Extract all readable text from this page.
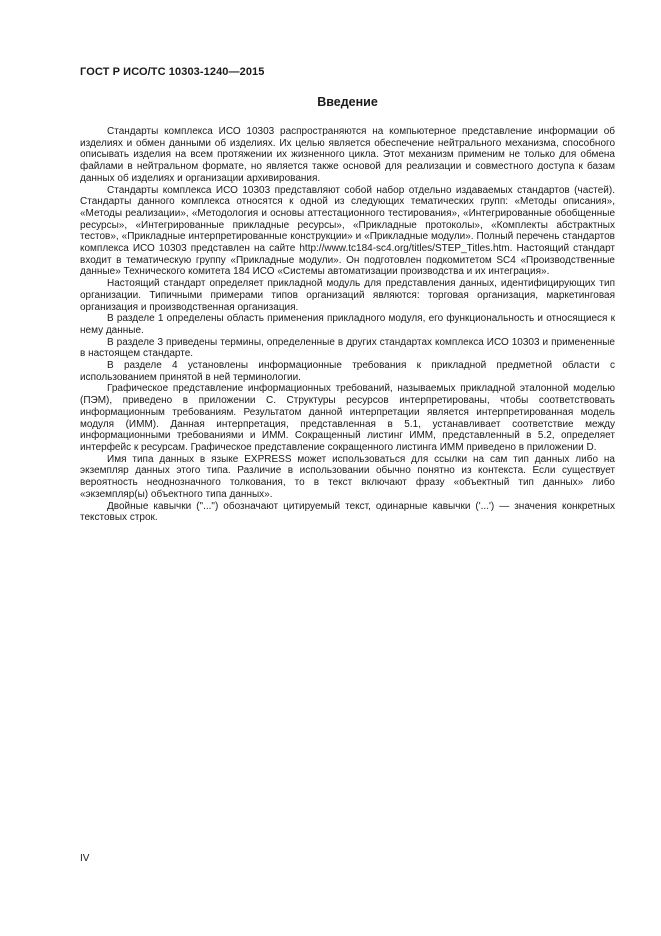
ГОСТ Р ИСО/ТС 10303-1240—2015
Введение

Стандарты комплекса ИСО 10303 распространяются на компьютерное представление информации об изделиях и обмен данными об изделиях. Их целью является обеспечение нейтрального механизма, способного описывать изделия на всем протяжении их жизненного цикла. Этот механизм применим не только для обмена файлами в нейтральном формате, но является также основой для реализации и совместного доступа к базам данных об изделиях и организации архивирования.

Стандарты комплекса ИСО 10303 представляют собой набор отдельно издаваемых стандартов (частей). Стандарты данного комплекса относятся к одной из следующих тематических групп: «Методы описания», «Методы реализации», «Методология и основы аттестационного тестирования», «Интегрированные обобщенные ресурсы», «Интегрированные прикладные ресурсы», «Прикладные протоколы», «Комплекты абстрактных тестов», «Прикладные интерпретированные конструкции» и «Прикладные модули». Полный перечень стандартов комплекса ИСО 10303 представлен на сайте http://www.tc184-sc4.org/titles/STEP_Titles.htm. Настоящий стандарт входит в тематическую группу «Прикладные модули». Он подготовлен подкомитетом SC4 «Производственные данные» Технического комитета 184 ИСО «Системы автоматизации производства и их интеграция».

Настоящий стандарт определяет прикладной модуль для представления данных, идентифицирующих тип организации. Типичными примерами типов организаций являются: торговая организация, маркетинговая организация и производственная организация.

В разделе 1 определены область применения прикладного модуля, его функциональность и относящиеся к нему данные.

В разделе 3 приведены термины, определенные в других стандартах комплекса ИСО 10303 и примененные в настоящем стандарте.

В разделе 4 установлены информационные требования к прикладной предметной области с использованием принятой в ней терминологии.

Графическое представление информационных требований, называемых прикладной эталонной моделью (ПЭМ), приведено в приложении С. Структуры ресурсов интерпретированы, чтобы соответствовать информационным требованиям. Результатом данной интерпретации является интерпретированная модель модуля (ИММ). Данная интерпретация, представленная в 5.1, устанавливает соответствие между информационными требованиями и ИММ. Сокращенный листинг ИММ, представленный в 5.2, определяет интерфейс к ресурсам. Графическое представление сокращенного листинга ИММ приведено в приложении D.

Имя типа данных в языке EXPRESS может использоваться для ссылки на сам тип данных либо на экземпляр данных этого типа. Различие в использовании обычно понятно из контекста. Если существует вероятность неоднозначного толкования, то в текст включают фразу «объектный тип данных» либо «экземпляр(ы) объектного типа данных».

Двойные кавычки ("...") обозначают цитируемый текст, одинарные кавычки ('...') — значения конкретных текстовых строк.

IV
